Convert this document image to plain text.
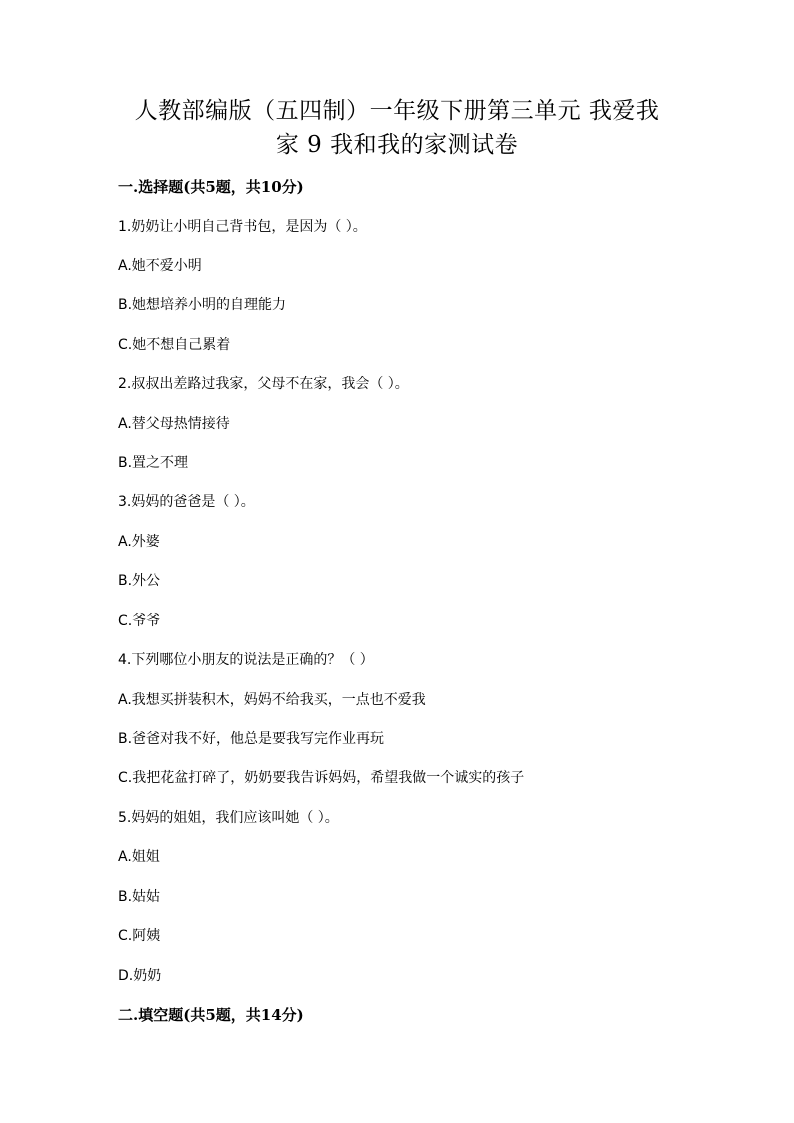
人教部编版（五四制）一年级下册第三单元 我爱我
家 9 我和我的家测试卷
一.选择题(共5题，共10分)
1.奶奶让小明自己背书包，是因为（ ）。
A.她不爱小明
B.她想培养小明的自理能力
C.她不想自己累着
2.叔叔出差路过我家，父母不在家，我会（ ）。
A.替父母热情接待
B.置之不理
3.妈妈的爸爸是（ ）。
A.外婆
B.外公
C.爷爷
4.下列哪位小朋友的说法是正确的？（ ）
A.我想买拼装积木，妈妈不给我买，一点也不爱我
B.爸爸对我不好，他总是要我写完作业再玩
C.我把花盆打碎了，奶奶要我告诉妈妈，希望我做一个诚实的孩子
5.妈妈的姐姐，我们应该叫她（ ）。
A.姐姐
B.姑姑
C.阿姨
D.奶奶
二.填空题(共5题，共14分)
